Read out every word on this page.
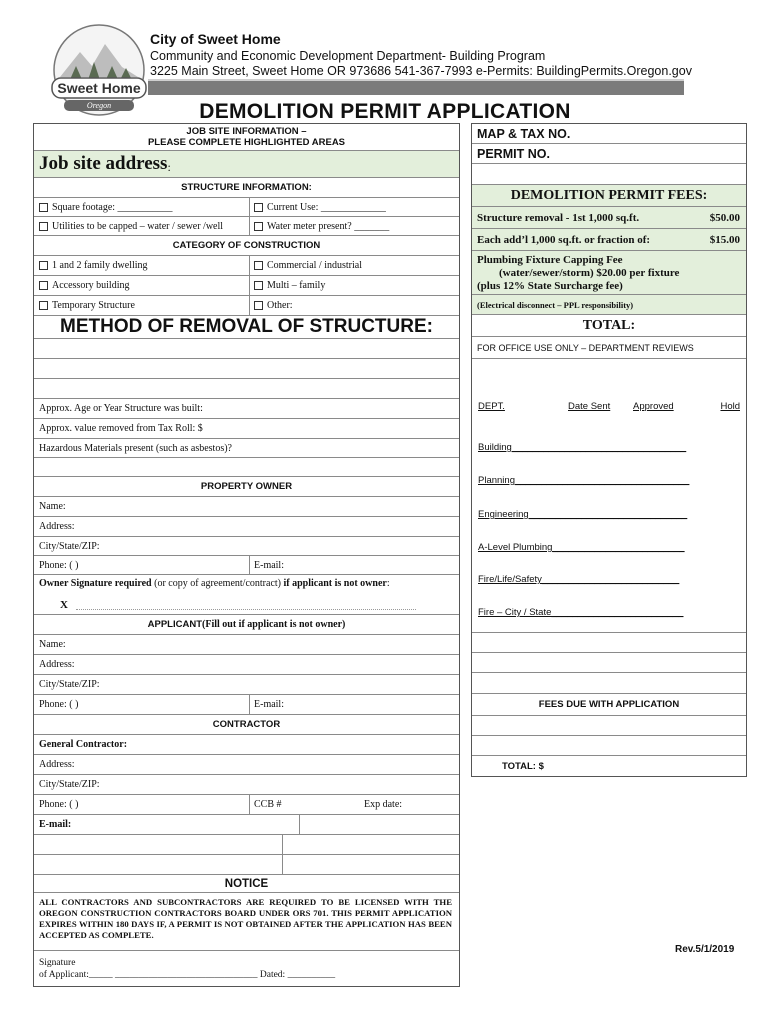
Sweet Home
Oregon
City of Sweet Home
Community and Economic Development Department- Building Program
3225 Main Street, Sweet Home OR 973686 541-367-7993 e-Permits: BuildingPermits.Oregon.gov
DEMOLITION PERMIT APPLICATION
JOB SITE INFORMATION –
PLEASE COMPLETE HIGHLIGHTED AREAS
Job site address :
STRUCTURE INFORMATION:
Square footage: ___________	Current Use: _____________
Utilities to be capped – water / sewer /well	Water meter present? _______
CATEGORY OF CONSTRUCTION
1 and 2 family dwelling	Commercial / industrial
Accessory building	Multi – family
Temporary Structure	Other:
METHOD OF REMOVAL OF STRUCTURE:
Approx. Age or Year Structure was built:
Approx. value removed from Tax Roll: $
Hazardous Materials present (such as asbestos)?
PROPERTY OWNER
Name:
Address:
City/State/ZIP:
Phone: ( )	E-mail:
Owner Signature required (or copy of agreement/contract) if applicant is not owner:
X
APPLICANT (Fill out if applicant is not owner)
Name:
Address:
City/State/ZIP:
Phone: ( )	E-mail:
CONTRACTOR
General Contractor:
Address:
City/State/ZIP:
Phone: ( )	CCB #	Exp date:
E-mail:
NOTICE
ALL CONTRACTORS AND SUBCONTRACTORS ARE REQUIRED TO BE LICENSED WITH THE OREGON CONSTRUCTION CONTRACTORS BOARD UNDER ORS 701. THIS PERMIT APPLICATION EXPIRES WITHIN 180 DAYS IF, A PERMIT IS NOT OBTAINED AFTER THE APPLICATION HAS BEEN ACCEPTED AS COMPLETE.
Signature
of Applicant:_____ ______________________________ Dated: __________
MAP & TAX NO.
PERMIT NO.
DEMOLITION PERMIT FEES:
Structure removal - 1st 1,000 sq.ft.	$50.00
Each add’l 1,000 sq.ft. or fraction of:	$15.00
Plumbing Fixture Capping Fee
(water/sewer/storm) $20.00 per fixture
(plus 12% State Surcharge fee)
(Electrical disconnect – PPL responsibility)
TOTAL:
FOR OFFICE USE ONLY – DEPARTMENT REVIEWS
DEPT.	Date Sent Approved	Hold
Building_________________________________
Planning_________________________________
Engineering______________________________
A-Level Plumbing_________________________
Fire/Life/Safety__________________________
Fire – City / State_________________________
FEES DUE WITH APPLICATION
TOTAL: $
Rev.5/1/2019
